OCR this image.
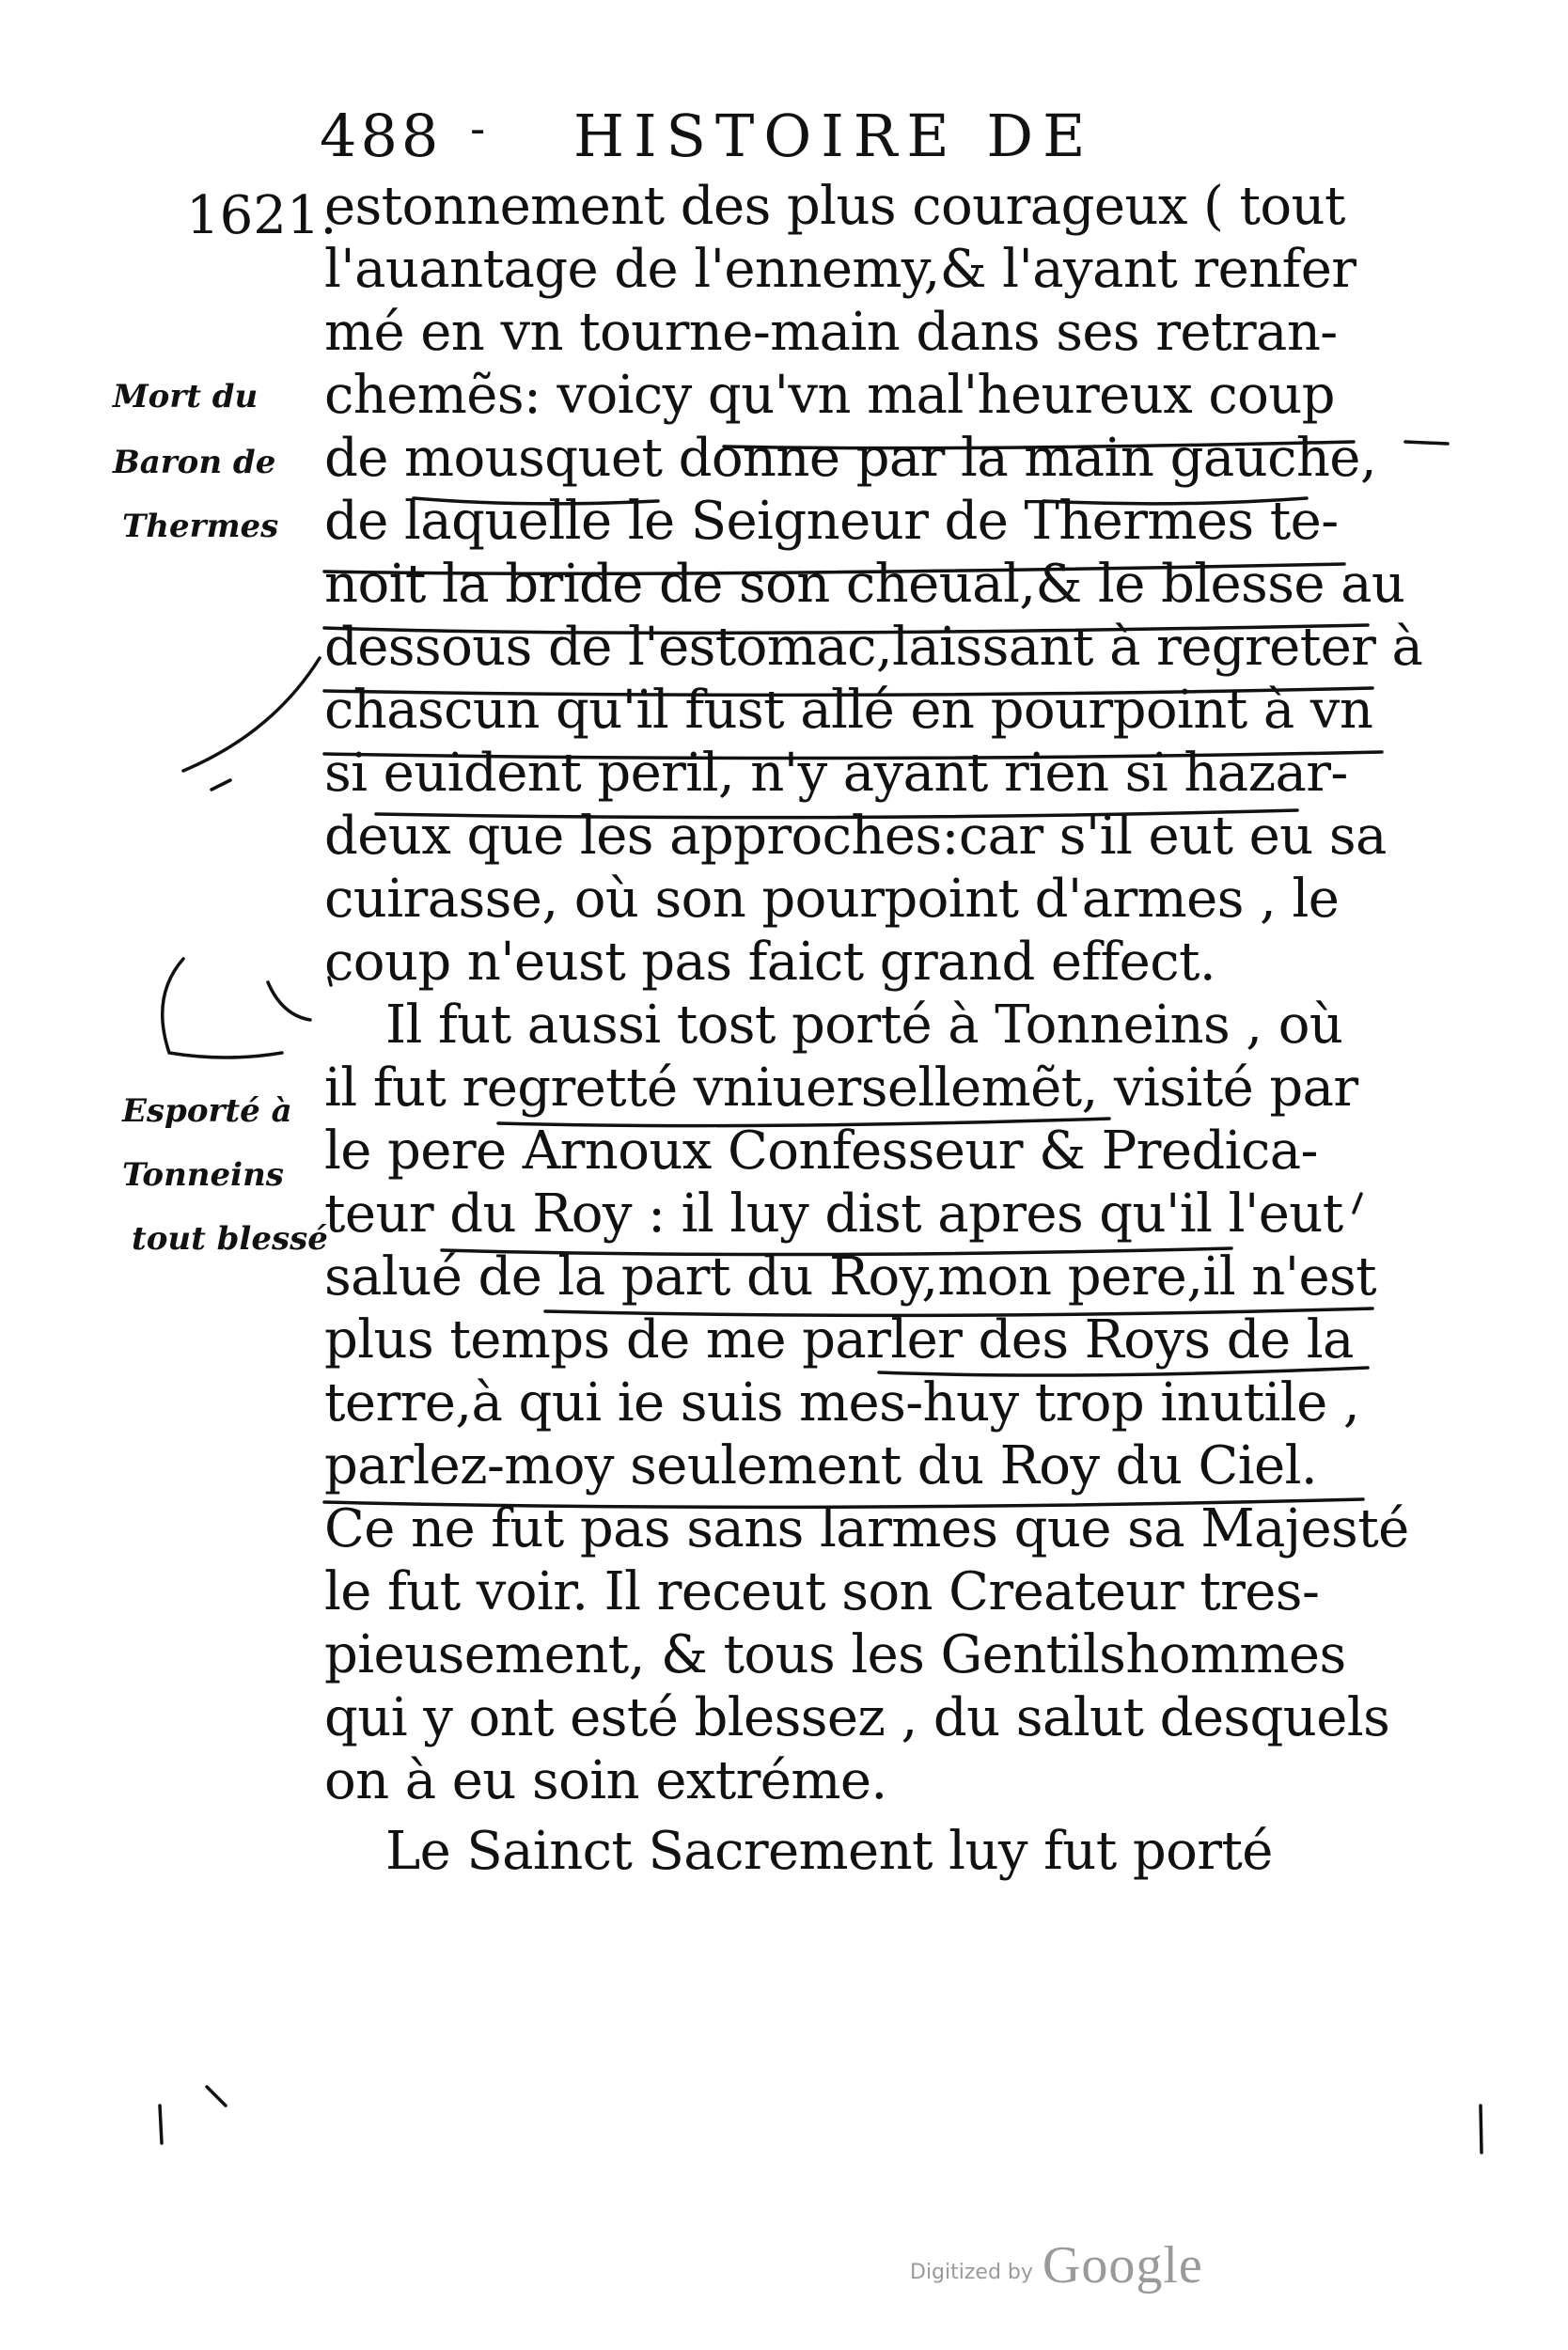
488 - HISTOIRE DE
1621.
Mort du
Baron de
Thermes
Esporté à
Tonneins
tout blessé
estonnement des plus courageux ( tout
l'auantage de l'ennemy,& l'ayant renfer
mé en vn tourne-main dans ses retran-
chemẽs: voicy qu'vn mal'heureux coup
de mousquet donne par la main gauche,
de laquelle le Seigneur de Thermes te-
noit la bride de son cheual,& le blesse au
dessous de l'estomac,laissant à regreter à
chascun qu'il fust allé en pourpoint à vn
si euident peril, n'y ayant rien si hazar-
deux que les approches:car s'il eut eu sa
cuirasse, où son pourpoint d'armes , le
coup n'eust pas faict grand effect.
Il fut aussi tost porté à Tonneins , où
il fut regretté vniuersellemẽt, visité par
le pere Arnoux Confesseur & Predica-
teur du Roy : il luy dist apres qu'il l'eut
salué de la part du Roy,mon pere,il n'est
plus temps de me parler des Roys de la
terre,à qui ie suis mes-huy trop inutile ,
parlez-moy seulement du Roy du Ciel.
Ce ne fut pas sans larmes que sa Majesté
le fut voir. Il receut son Createur tres-
pieusement, & tous les Gentilshommes
qui y ont esté blessez , du salut desquels
on à eu soin extréme.
Le Sainct Sacrement luy fut porté
Digitized by Google
